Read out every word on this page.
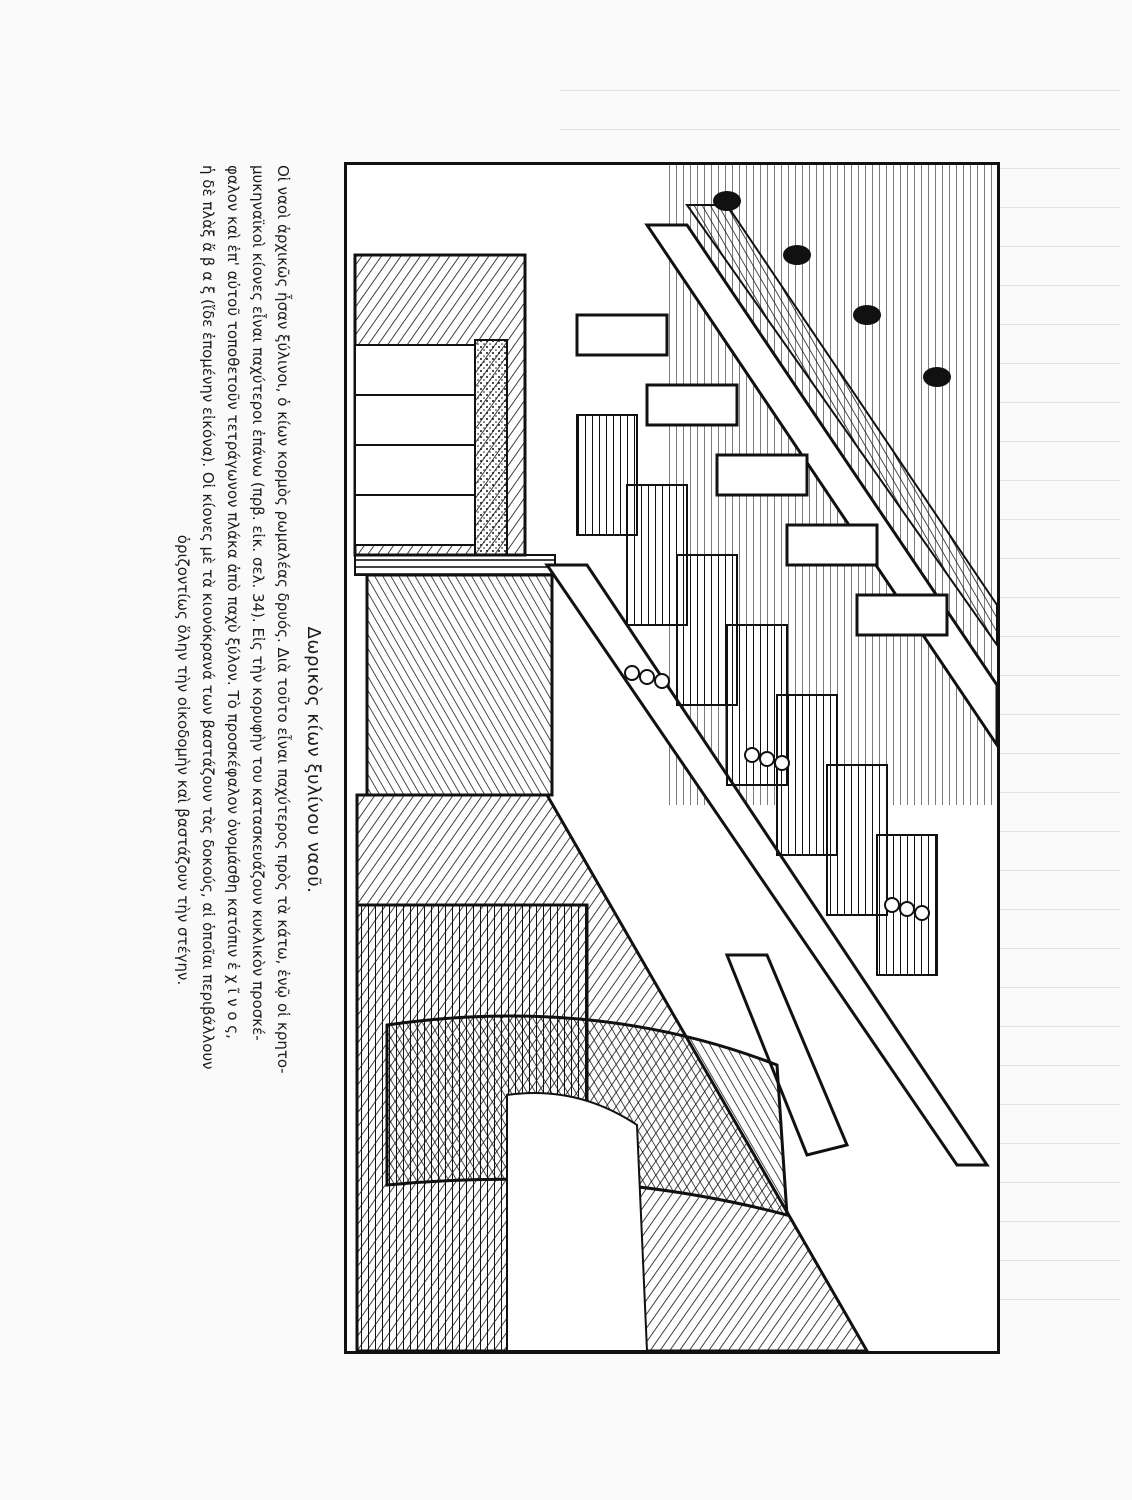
Δωρικὸς κίων ξυλίνου ναοῦ.

Οἱ ναοὶ ἀρχικῶς ἦσαν ξύλινοι, ὁ κίων κορμὸς ρωμαλέας δρυός. Διὰ τοῦτο εἶναι παχύτερος πρὸς τὰ κάτω, ἐνῷ οἱ κρητο-

μυκηναϊκοὶ κίονες εἶναι παχύτεροι ἐπάνω (πρβ. εἰκ. σελ. 34). Εἰς τὴν κορυφὴν του κατασκευάζουν κυκλικὸν προσκέ-

φαλον καὶ ἐπ' αὐτοῦ τοποθετοῦν τετράγωνον πλάκα ἀπὸ παχὺ ξύλον. Τὸ προσκέφαλον ὀνομάσθη κατόπιν ἐ χ ῖ ν ο ς,

ἡ δὲ πλὰξ ἄ β α ξ (ἴδε ἐπομένην εἰκόνα). Οἱ κίονες μὲ τὰ κιονόκρανά των βαστάζουν τὰς δοκούς, αἱ ὁποῖαι περιβάλλουν

ὁριζοντίως ὅλην τὴν οἰκοδομὴν καὶ βαστάζουν τὴν στέγην.
